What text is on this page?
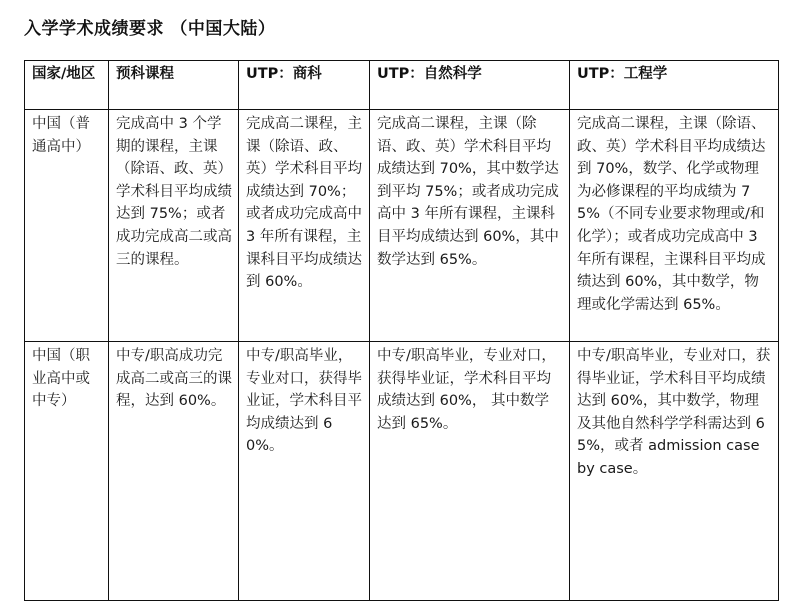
入学学术成绩要求 （中国大陆）
国家/地区	预科课程	UTP：商科	UTP：自然科学	UTP：工程学
中国（普通高中）	完成高中 3 个学期的课程，主课（除语、政、英）学术科目平均成绩达到 75%；或者成功完成高二或高三的课程。	完成高二课程，主课（除语、政、英）学术科目平均成绩达到 70%；或者成功完成高中 3 年所有课程，主课科目平均成绩达到 60%。	完成高二课程，主课（除语、政、英）学术科目平均成绩达到 70%，其中数学达到平均 75%；或者成功完成高中 3 年所有课程，主课科目平均成绩达到 60%，其中数学达到 65%。	完成高二课程，主课（除语、政、英）学术科目平均成绩达到 70%，数学、化学或物理为必修课程的平均成绩为 75%（不同专业要求物理或/和化学）；或者成功完成高中 3 年所有课程，主课科目平均成绩达到 60%，其中数学，物理或化学需达到 65%。
中国（职业高中或中专）	中专/职高成功完成高二或高三的课程，达到 60%。	中专/职高毕业，专业对口，获得毕业证，学术科目平均成绩达到 60%。	中专/职高毕业，专业对口，获得毕业证，学术科目平均成绩达到 60%， 其中数学达到 65%。	中专/职高毕业，专业对口，获得毕业证，学术科目平均成绩达到 60%，其中数学，物理及其他自然科学学科需达到 65%，或者 admission case by case。
